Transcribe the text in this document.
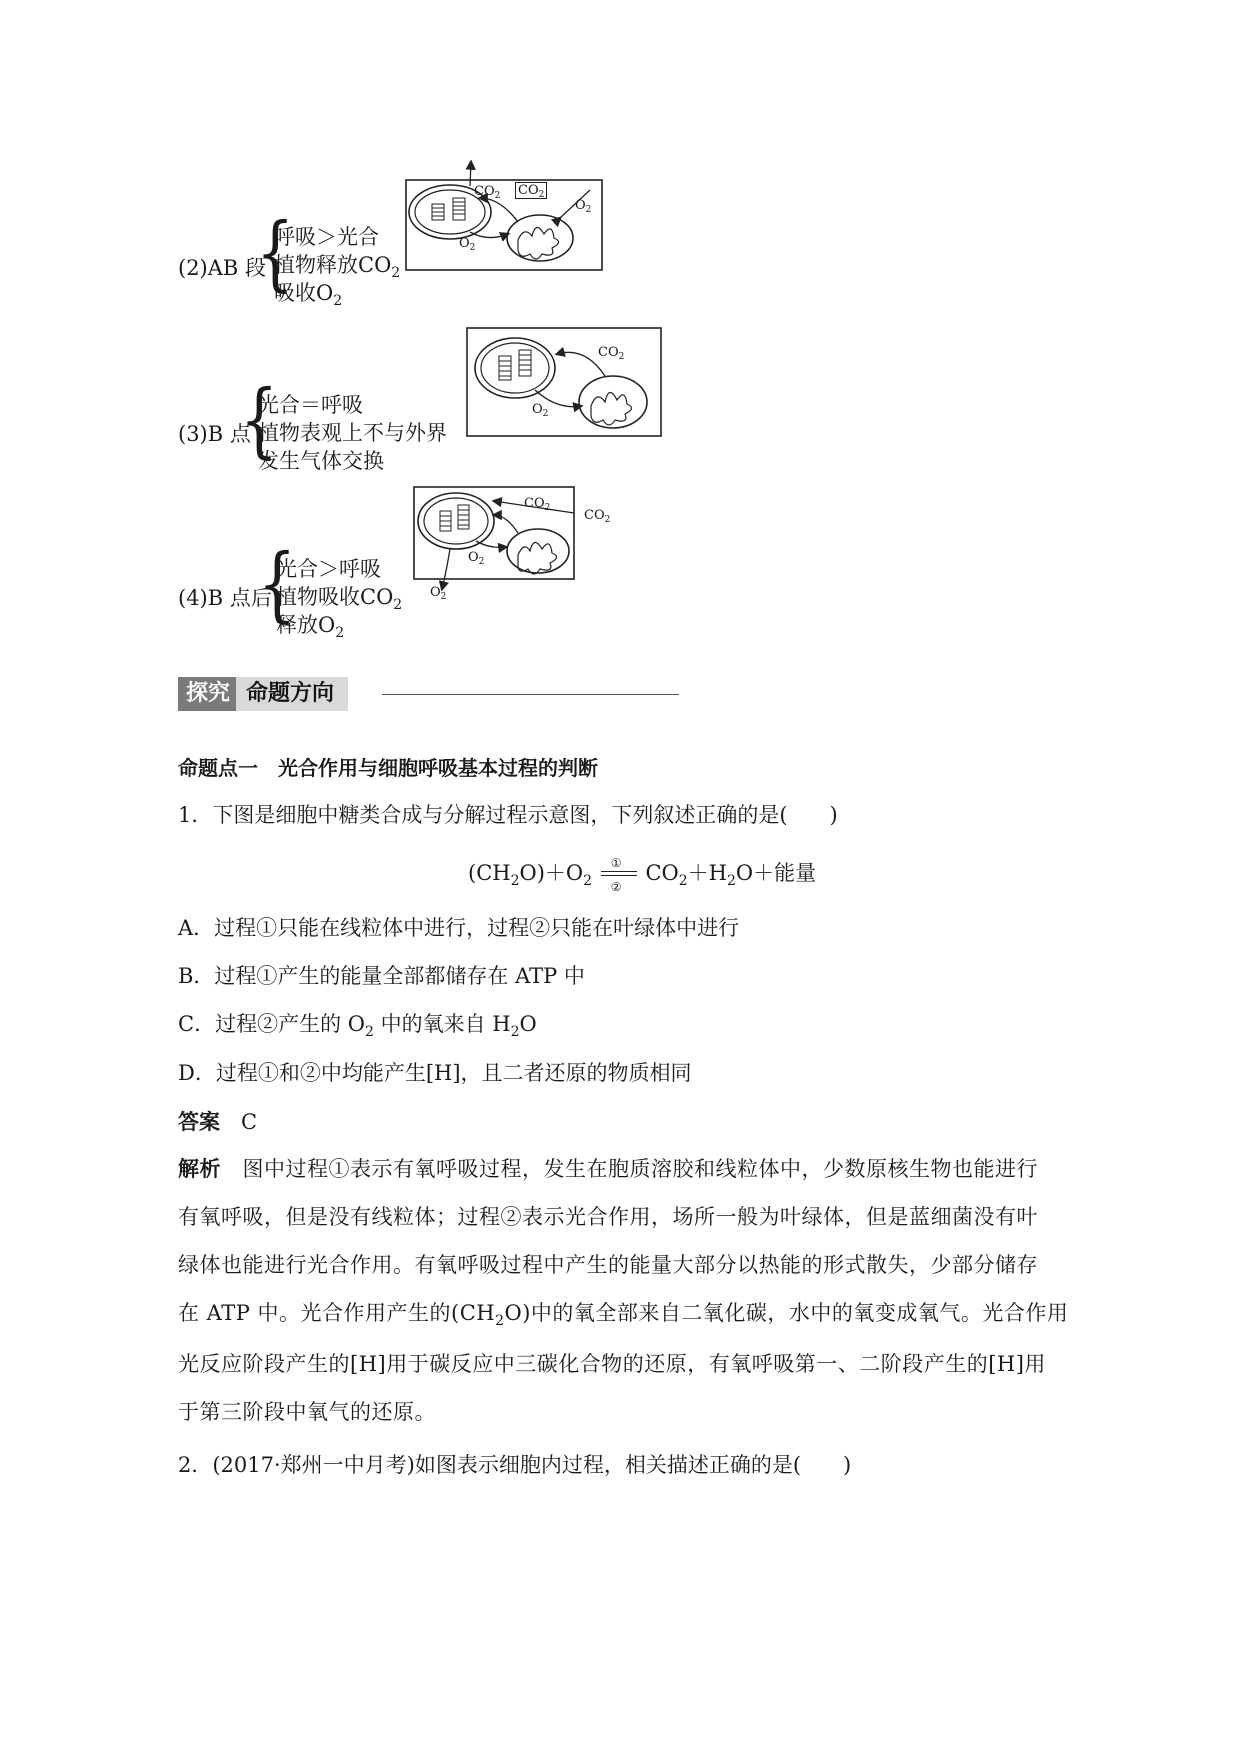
(2)AB 段
{
呼吸＞光合
植物释放$CO_2$
吸收$O_2$
$CO_2$ $CO_2$
$O_2$
$O_2$
(3)B 点
{
光合＝呼吸
植物表观上不与外界
发生气体交换
$CO_2$
$O_2$
(4)B 点后
{
光合＞呼吸
植物吸收$CO_2$
释放$O_2$
$CO_2$	$CO_2$
$O_2$
$O_2$
探究 命题方向
命题点一　光合作用与细胞呼吸基本过程的判断
1．下图是细胞中糖类合成与分解过程示意图，下列叙述正确的是(　　)
$(CH_2O)+O_2$
①
②
$CO_2+H_2O+$能量
A．过程①只能在线粒体中进行，过程②只能在叶绿体中进行
B．过程①产生的能量全部都储存在 ATP 中
C．过程②产生的 $O_2$ 中的氧来自 $H_2O$
D．过程①和②中均能产生[H]，且二者还原的物质相同
答案　 C
解析　 图中过程①表示有氧呼吸过程，发生在胞质溶胶和线粒体中，少数原核生物也能进行
有氧呼吸，但是没有线粒体；过程②表示光合作用，场所一般为叶绿体，但是蓝细菌没有叶
绿体也能进行光合作用。有氧呼吸过程中产生的能量大部分以热能的形式散失，少部分储存
在 ATP 中。光合作用产生的$(CH_2O)$中的氧全部来自二氧化碳，水中的氧变成氧气。光合作用
光反应阶段产生的[H]用于碳反应中三碳化合物的还原，有氧呼吸第一、二阶段产生的[H]用
于第三阶段中氧气的还原。
2．(2017·郑州一中月考)如图表示细胞内过程，相关描述正确的是(　　)
